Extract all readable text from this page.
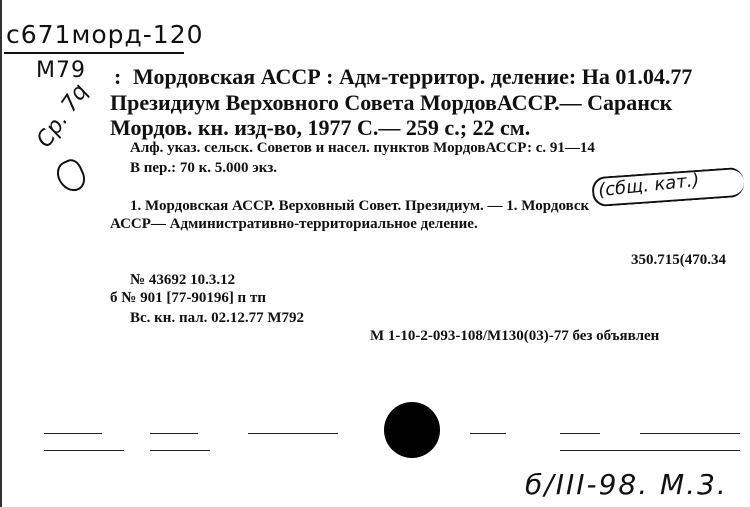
с671морд-120
М79
Ср. 7q
Мордовская АССР : Адм-территор. деление: На 01.04.77
:
Президиум Верховного Совета МордовАССР.— Саранск
Мордов. кн. изд-во, 1977 С.— 259 с.; 22 см.
Алф. указ. сельск. Советов и насел. пунктов МордовАССР: с. 91—14
В пер.: 70 к. 5.000 экз.
(сбщ. кат.)
1. Мордовская АССР. Верховный Совет. Президиум. — 1. Мордовск
АССР— Административно-территориальное деление.
350.715(470.34
№ 43692 10.3.12
б № 901 [77-90196] п тп
Вс. кн. пал. 02.12.77 М792
М 1-10-2-093-108/М130(03)-77 без объявлен
б/III-98. М.3.
